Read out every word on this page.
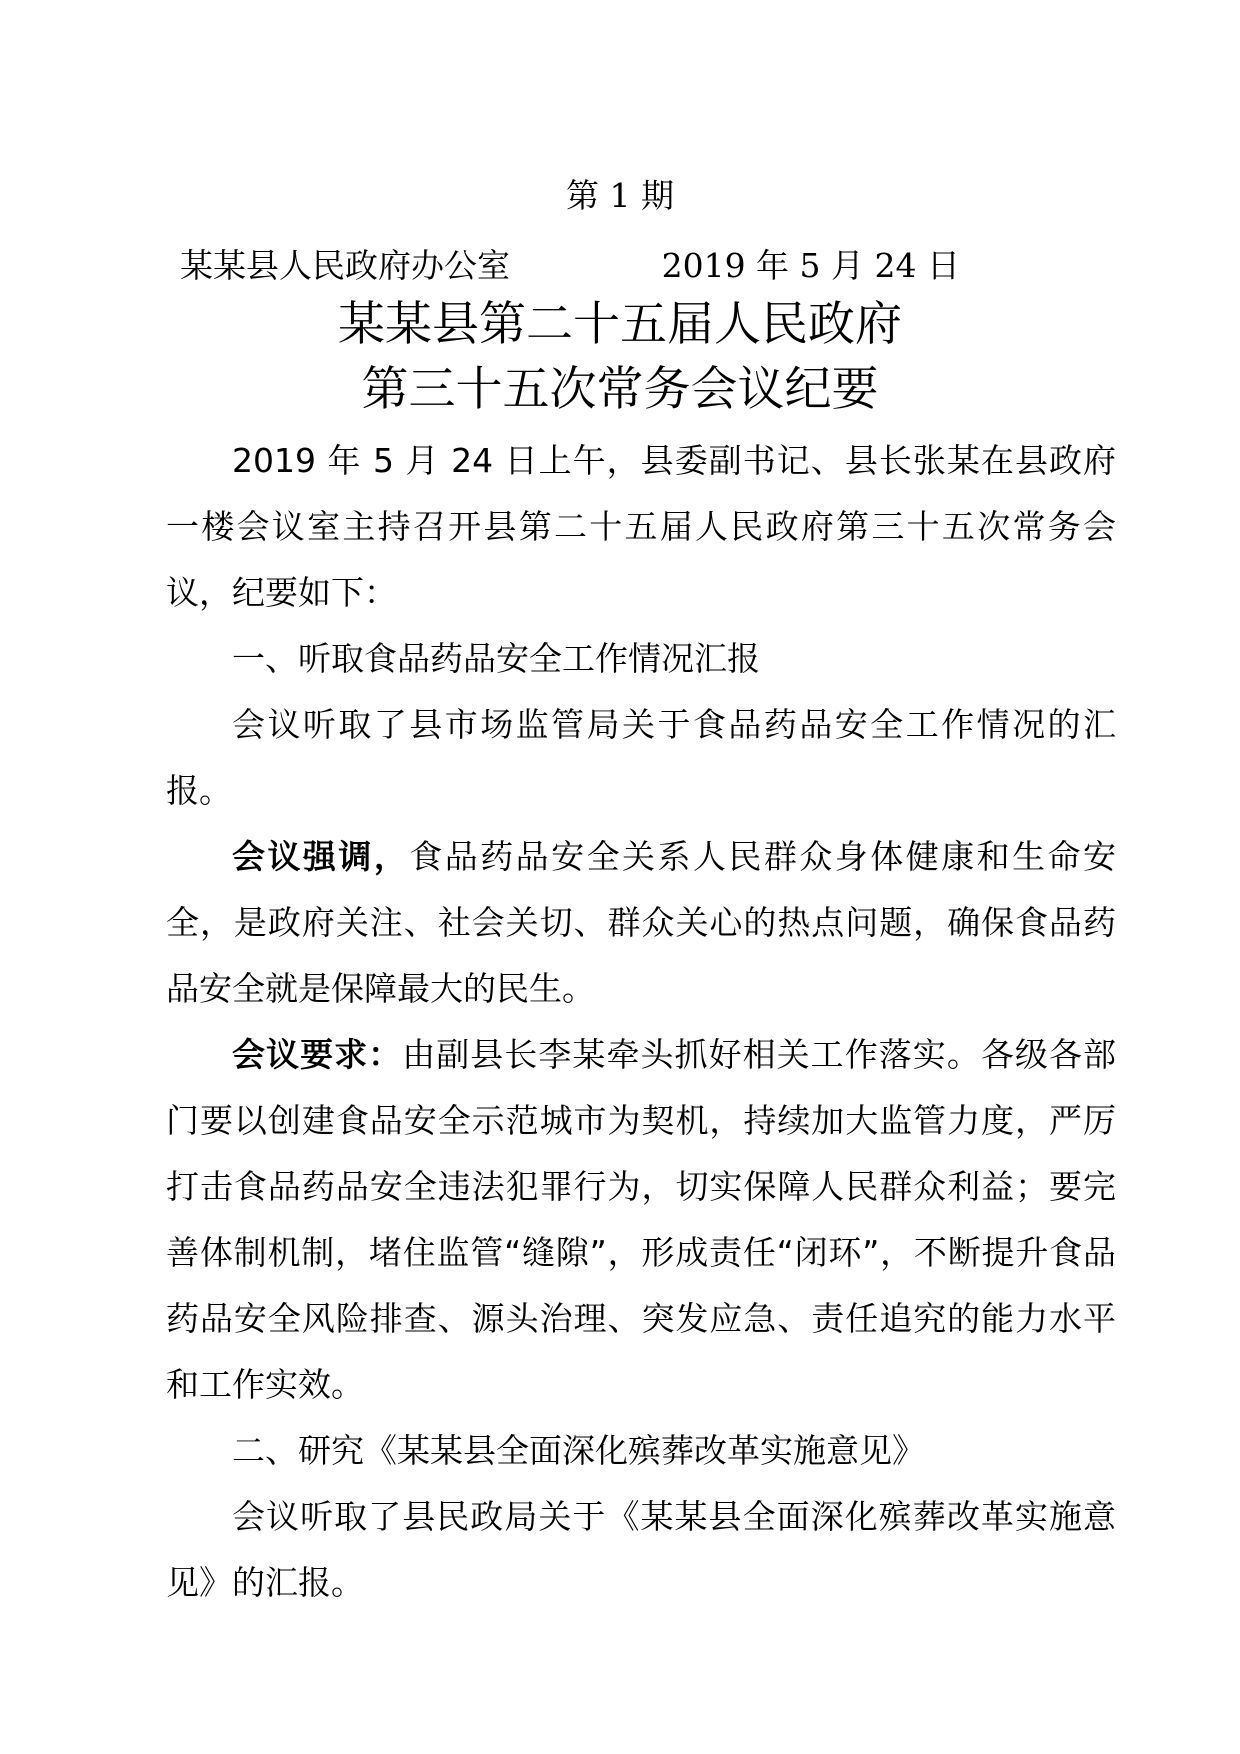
第 1 期
某某县人民政府办公室	2019 年 5 月 24 日
某某县第二十五届人民政府
第三十五次常务会议纪要

2019 年 5 月 24 日上午，县委副书记、县长张某在县政府一楼会议室主持召开县第二十五届人民政府第三十五次常务会议，纪要如下：

一、听取食品药品安全工作情况汇报

会议听取了县市场监管局关于食品药品安全工作情况的汇报。

会议强调，食品药品安全关系人民群众身体健康和生命安全，是政府关注、社会关切、群众关心的热点问题，确保食品药品安全就是保障最大的民生。

会议要求：由副县长李某牵头抓好相关工作落实。各级各部门要以创建食品安全示范城市为契机，持续加大监管力度，严厉打击食品药品安全违法犯罪行为，切实保障人民群众利益；要完善体制机制，堵住监管“缝隙”，形成责任“闭环”，不断提升食品药品安全风险排查、源头治理、突发应急、责任追究的能力水平和工作实效。

二、研究《某某县全面深化殡葬改革实施意见》

会议听取了县民政局关于《某某县全面深化殡葬改革实施意见》的汇报。
